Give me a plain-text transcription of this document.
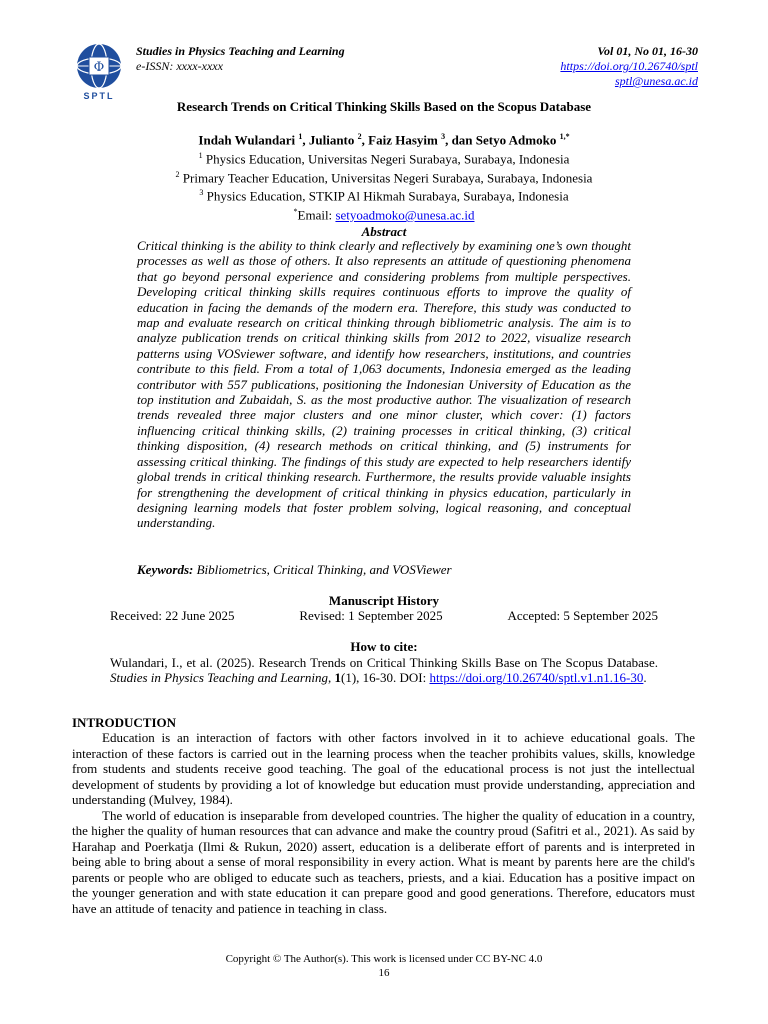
Φ
SPTL
Studies in Physics Teaching and Learning
e-ISSN: xxxx-xxxx
Vol 01, No 01, 16-30
https://doi.org/10.26740/sptl
sptl@unesa.ac.id
Research Trends on Critical Thinking Skills Based on the Scopus Database
Indah Wulandari $^1$, Julianto $^2$, Faiz Hasyim $^3$, dan Setyo Admoko $^{1,*}$
$^1$ Physics Education, Universitas Negeri Surabaya, Surabaya, Indonesia
$^2$ Primary Teacher Education, Universitas Negeri Surabaya, Surabaya, Indonesia
$^3$ Physics Education, STKIP Al Hikmah Surabaya, Surabaya, Indonesia
*Email: setyoadmoko@unesa.ac.id
Abstract
Critical thinking is the ability to think clearly and reflectively by examining one’s own thought processes as well as those of others. It also represents an attitude of questioning phenomena that go beyond personal experience and considering problems from multiple perspectives. Developing critical thinking skills requires continuous efforts to improve the quality of education in facing the demands of the modern era. Therefore, this study was conducted to map and evaluate research on critical thinking through bibliometric analysis. The aim is to analyze publication trends on critical thinking skills from 2012 to 2022, visualize research patterns using VOSviewer software, and identify how researchers, institutions, and countries contribute to this field. From a total of 1,063 documents, Indonesia emerged as the leading contributor with 557 publications, positioning the Indonesian University of Education as the top institution and Zubaidah, S. as the most productive author. The visualization of research trends revealed three major clusters and one minor cluster, which cover: (1) factors influencing critical thinking skills, (2) training processes in critical thinking, (3) critical thinking disposition, (4) research methods on critical thinking, and (5) instruments for assessing critical thinking. The findings of this study are expected to help researchers identify global trends in critical thinking research. Furthermore, the results provide valuable insights for strengthening the development of critical thinking in physics education, particularly in designing learning models that foster problem solving, logical reasoning, and conceptual understanding.
Keywords: Bibliometrics, Critical Thinking, and VOSViewer
Manuscript History
Received: 22 June 2025	Revised: 1 September 2025	Accepted: 5 September 2025
How to cite:
Wulandari, I., et al. (2025). Research Trends on Critical Thinking Skills Base on The Scopus Database. Studies in Physics Teaching and Learning, 1(1), 16-30. DOI: https://doi.org/10.26740/sptl.v1.n1.16-30.
INTRODUCTION

Education is an interaction of factors with other factors involved in it to achieve educational goals. The interaction of these factors is carried out in the learning process when the teacher prohibits values, skills, knowledge from students and students receive good teaching. The goal of the educational process is not just the intellectual development of students by providing a lot of knowledge but education must provide understanding, appreciation and understanding (Mulvey, 1984).

The world of education is inseparable from developed countries. The higher the quality of education in a country, the higher the quality of human resources that can advance and make the country proud (Safitri et al., 2021). As said by Harahap and Poerkatja (Ilmi & Rukun, 2020) assert, education is a deliberate effort of parents and is interpreted in being able to bring about a sense of moral responsibility in every action. What is meant by parents here are the child's parents or people who are obliged to educate such as teachers, priests, and a kiai. Education has a positive impact on the younger generation and with state education it can prepare good and good generations. Therefore, educators must have an attitude of tenacity and patience in teaching in class.

Copyright © The Author(s). This work is licensed under CC BY-NC 4.0
16
